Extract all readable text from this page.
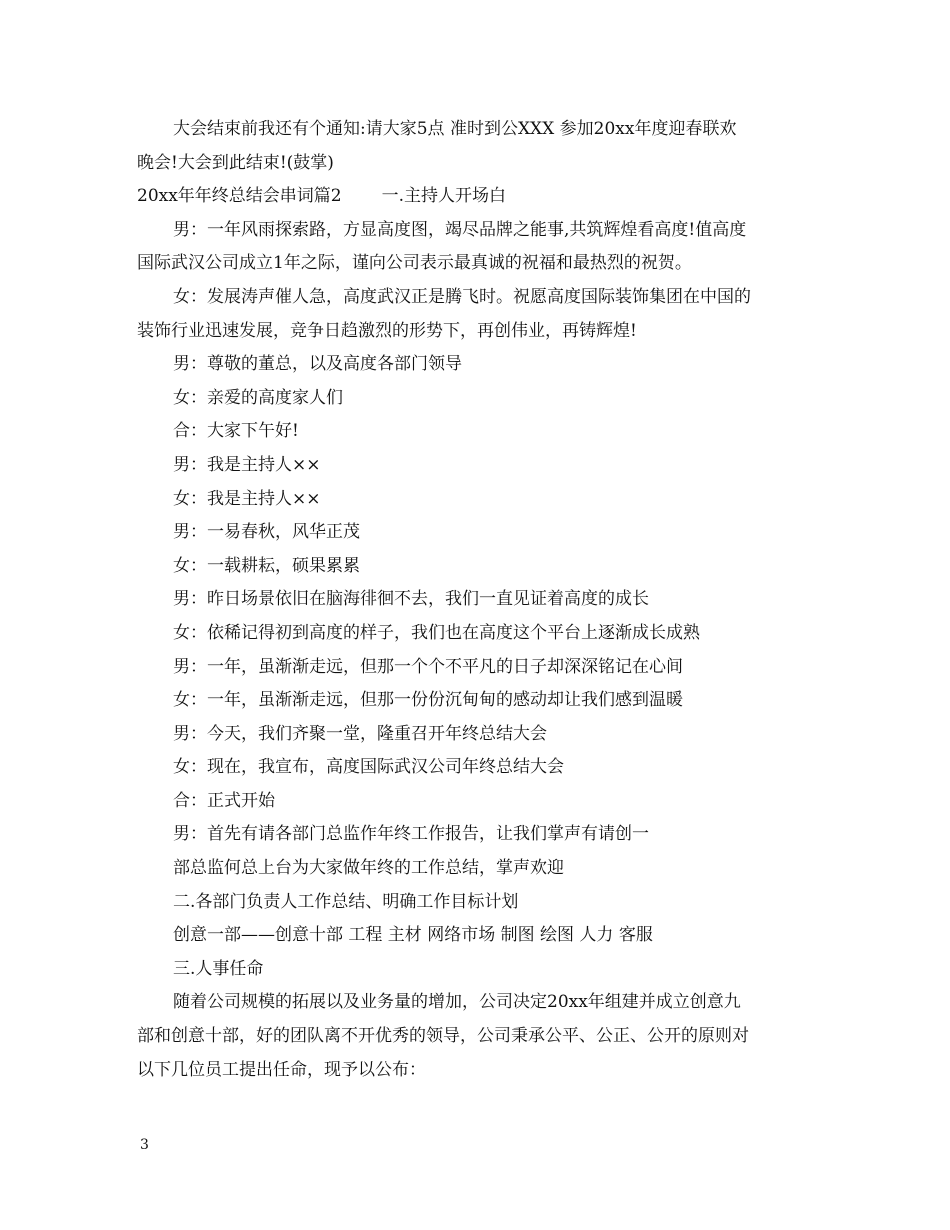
大会结束前我还有个通知:请大家5点 准时到公XXX 参加20xx年度迎春联欢
晚会!大会到此结束!(鼓掌)
20xx年年终总结会串词篇2 一.主持人开场白
男：一年风雨探索路，方显高度图，竭尽品牌之能事,共筑辉煌看高度!值高度
国际武汉公司成立1年之际，谨向公司表示最真诚的祝福和最热烈的祝贺。
女：发展涛声催人急，高度武汉正是腾飞时。祝愿高度国际装饰集团在中国的
装饰行业迅速发展，竞争日趋激烈的形势下，再创伟业，再铸辉煌!
男：尊敬的董总，以及高度各部门领导
女：亲爱的高度家人们
合：大家下午好!
男：我是主持人××
女：我是主持人××
男：一易春秋，风华正茂
女：一载耕耘，硕果累累
男：昨日场景依旧在脑海徘徊不去，我们一直见证着高度的成长
女：依稀记得初到高度的样子，我们也在高度这个平台上逐渐成长成熟
男：一年，虽渐渐走远，但那一个个不平凡的日子却深深铭记在心间
女：一年，虽渐渐走远，但那一份份沉甸甸的感动却让我们感到温暖
男：今天，我们齐聚一堂，隆重召开年终总结大会
女：现在，我宣布，高度国际武汉公司年终总结大会
合：正式开始
男：首先有请各部门总监作年终工作报告，让我们掌声有请创一
部总监何总上台为大家做年终的工作总结，掌声欢迎
二.各部门负责人工作总结、明确工作目标计划
创意一部——创意十部 工程 主材 网络市场 制图 绘图 人力 客服
三.人事任命
随着公司规模的拓展以及业务量的增加，公司决定20xx年组建并成立创意九
部和创意十部，好的团队离不开优秀的领导，公司秉承公平、公正、公开的原则对
以下几位员工提出任命，现予以公布：
3
